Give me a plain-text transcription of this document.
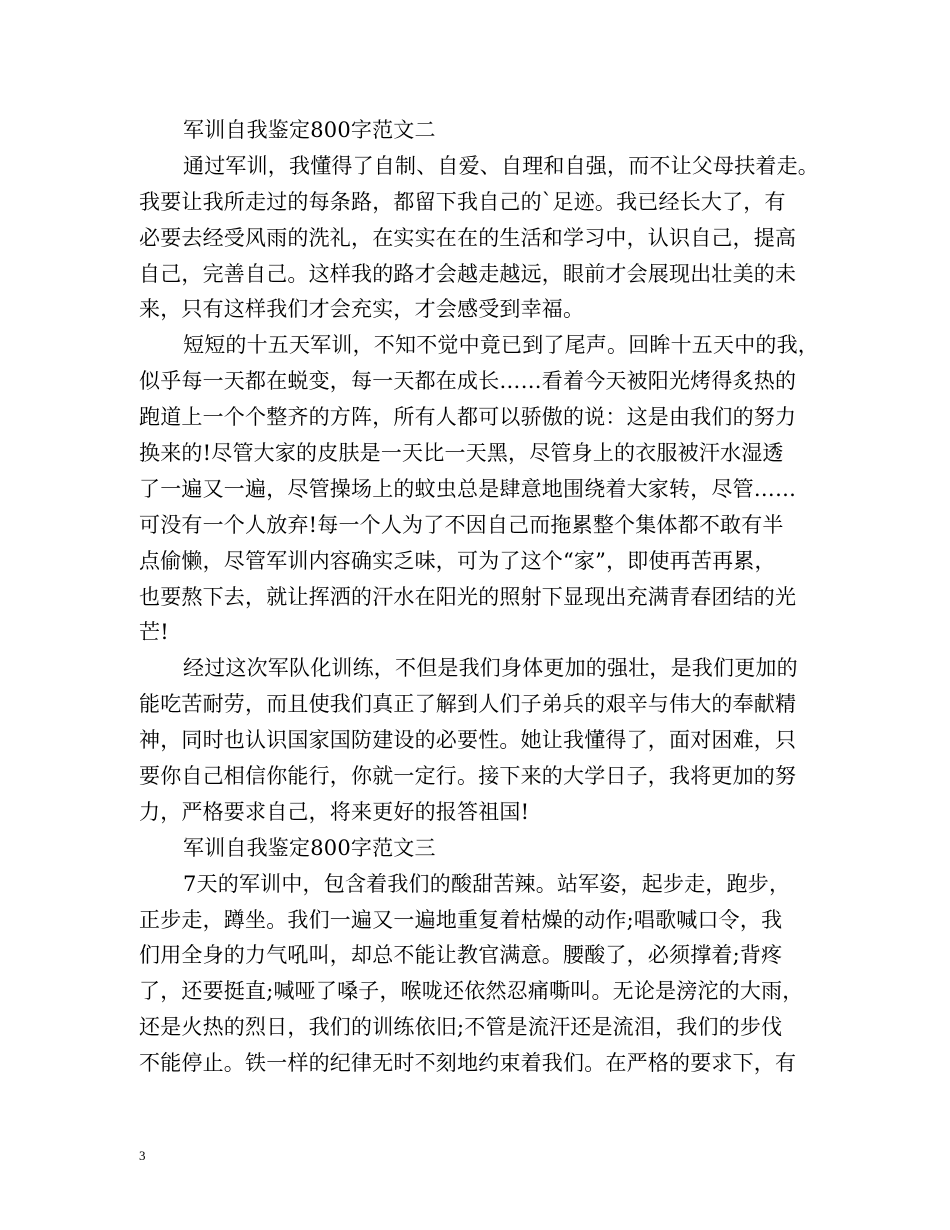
军训自我鉴定800字范文二
通过军训，我懂得了自制、自爱、自理和自强，而不让父母扶着走。
我要让我所走过的每条路，都留下我自己的`足迹。我已经长大了，有
必要去经受风雨的洗礼，在实实在在的生活和学习中，认识自己，提高
自己，完善自己。这样我的路才会越走越远，眼前才会展现出壮美的未
来，只有这样我们才会充实，才会感受到幸福。
短短的十五天军训，不知不觉中竟已到了尾声。回眸十五天中的我，
似乎每一天都在蜕变，每一天都在成长……看着今天被阳光烤得炙热的
跑道上一个个整齐的方阵，所有人都可以骄傲的说：这是由我们的努力
换来的!尽管大家的皮肤是一天比一天黑，尽管身上的衣服被汗水湿透
了一遍又一遍，尽管操场上的蚊虫总是肆意地围绕着大家转，尽管……
可没有一个人放弃!每一个人为了不因自己而拖累整个集体都不敢有半
点偷懒，尽管军训内容确实乏味，可为了这个“家”，即使再苦再累，
也要熬下去，就让挥洒的汗水在阳光的照射下显现出充满青春团结的光
芒!
经过这次军队化训练，不但是我们身体更加的强壮，是我们更加的
能吃苦耐劳，而且使我们真正了解到人们子弟兵的艰辛与伟大的奉献精
神，同时也认识国家国防建设的必要性。她让我懂得了，面对困难，只
要你自己相信你能行，你就一定行。接下来的大学日子，我将更加的努
力，严格要求自己，将来更好的报答祖国!
军训自我鉴定800字范文三
7天的军训中，包含着我们的酸甜苦辣。站军姿，起步走，跑步，
正步走，蹲坐。我们一遍又一遍地重复着枯燥的动作;唱歌喊口令，我
们用全身的力气吼叫，却总不能让教官满意。腰酸了，必须撑着;背疼
了，还要挺直;喊哑了嗓子，喉咙还依然忍痛嘶叫。无论是滂沱的大雨，
还是火热的烈日，我们的训练依旧;不管是流汗还是流泪，我们的步伐
不能停止。铁一样的纪律无时不刻地约束着我们。在严格的要求下，有
3
